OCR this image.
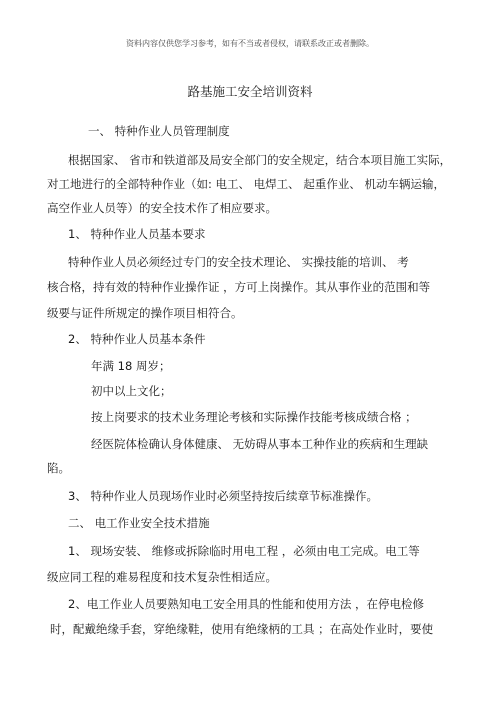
资料内容仅供您学习参考，如有不当或者侵权，请联系改正或者删除。
路基施工安全培训资料
一、 特种作业人员管理制度
根据国家、 省市和铁道部及局安全部门的安全规定，结合本项目施工实际，
对工地进行的全部特种作业（如: 电工、 电焊工、 起重作业、 机动车辆运输，
高空作业人员等）的安全技术作了相应要求。
1、 特种作业人员基本要求
特种作业人员必须经过专门的安全技术理论、 实操技能的培训、 考
核合格，持有效的特种作业操作证 ，方可上岗操作。其从事作业的范围和等
级要与证件所规定的操作项目相符合。
2、 特种作业人员基本条件
年满 18 周岁；
初中以上文化；
按上岗要求的技术业务理论考核和实际操作技能考核成绩合格 ；
经医院体检确认身体健康、 无妨碍从事本工种作业的疾病和生理缺
陷。
3、 特种作业人员现场作业时必须坚持按后续章节标准操作。
二、 电工作业安全技术措施
1、 现场安装、 维修或拆除临时用电工程 ，必须由电工完成。电工等
级应同工程的难易程度和技术复杂性相适应。
2、电工作业人员要熟知电工安全用具的性能和使用方法 ，在停电检修
时，配戴绝缘手套，穿绝缘鞋，使用有绝缘柄的工具 ；在高处作业时，要使
